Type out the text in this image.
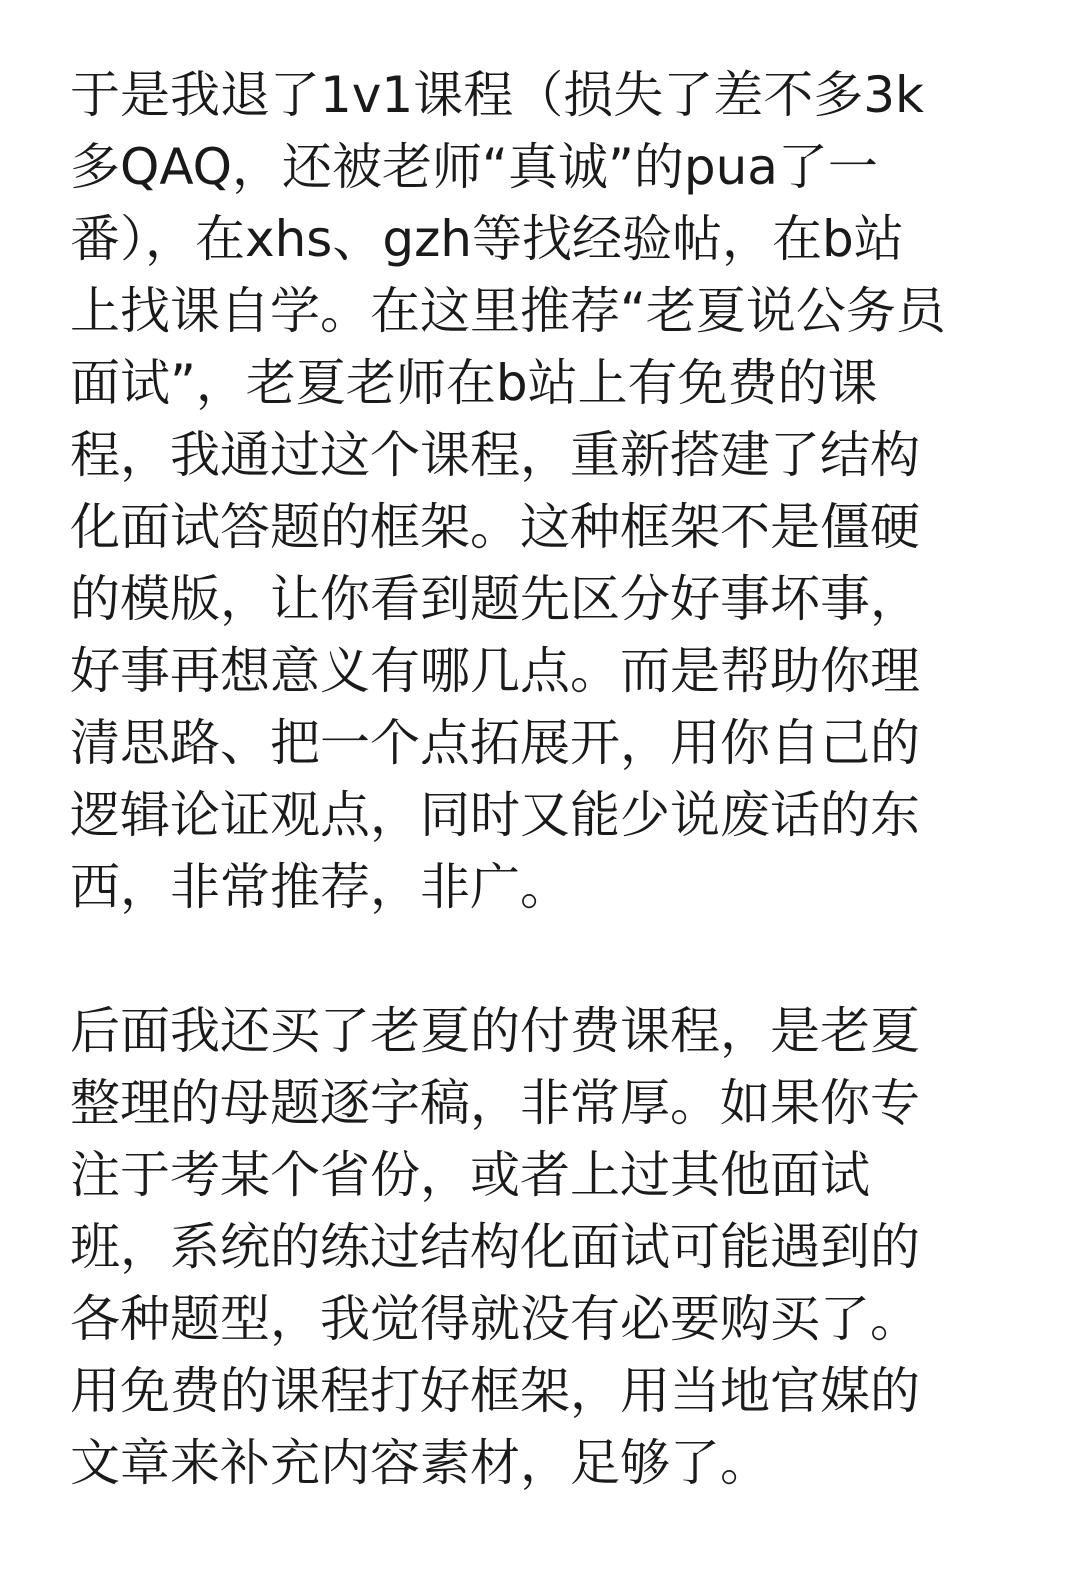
于是我退了1v1课程（损失了差不多3k
多QAQ，还被老师“真诚”的pua了一
番），在xhs、gzh等找经验帖，在b站
上找课自学。在这里推荐“老夏说公务员
面试”，老夏老师在b站上有免费的课
程，我通过这个课程，重新搭建了结构
化面试答题的框架。这种框架不是僵硬
的模版，让你看到题先区分好事坏事，
好事再想意义有哪几点。而是帮助你理
清思路、把一个点拓展开，用你自己的
逻辑论证观点，同时又能少说废话的东
西，非常推荐，非广。
后面我还买了老夏的付费课程，是老夏
整理的母题逐字稿，非常厚。如果你专
注于考某个省份，或者上过其他面试
班，系统的练过结构化面试可能遇到的
各种题型，我觉得就没有必要购买了。
用免费的课程打好框架，用当地官媒的
文章来补充内容素材，足够了。
